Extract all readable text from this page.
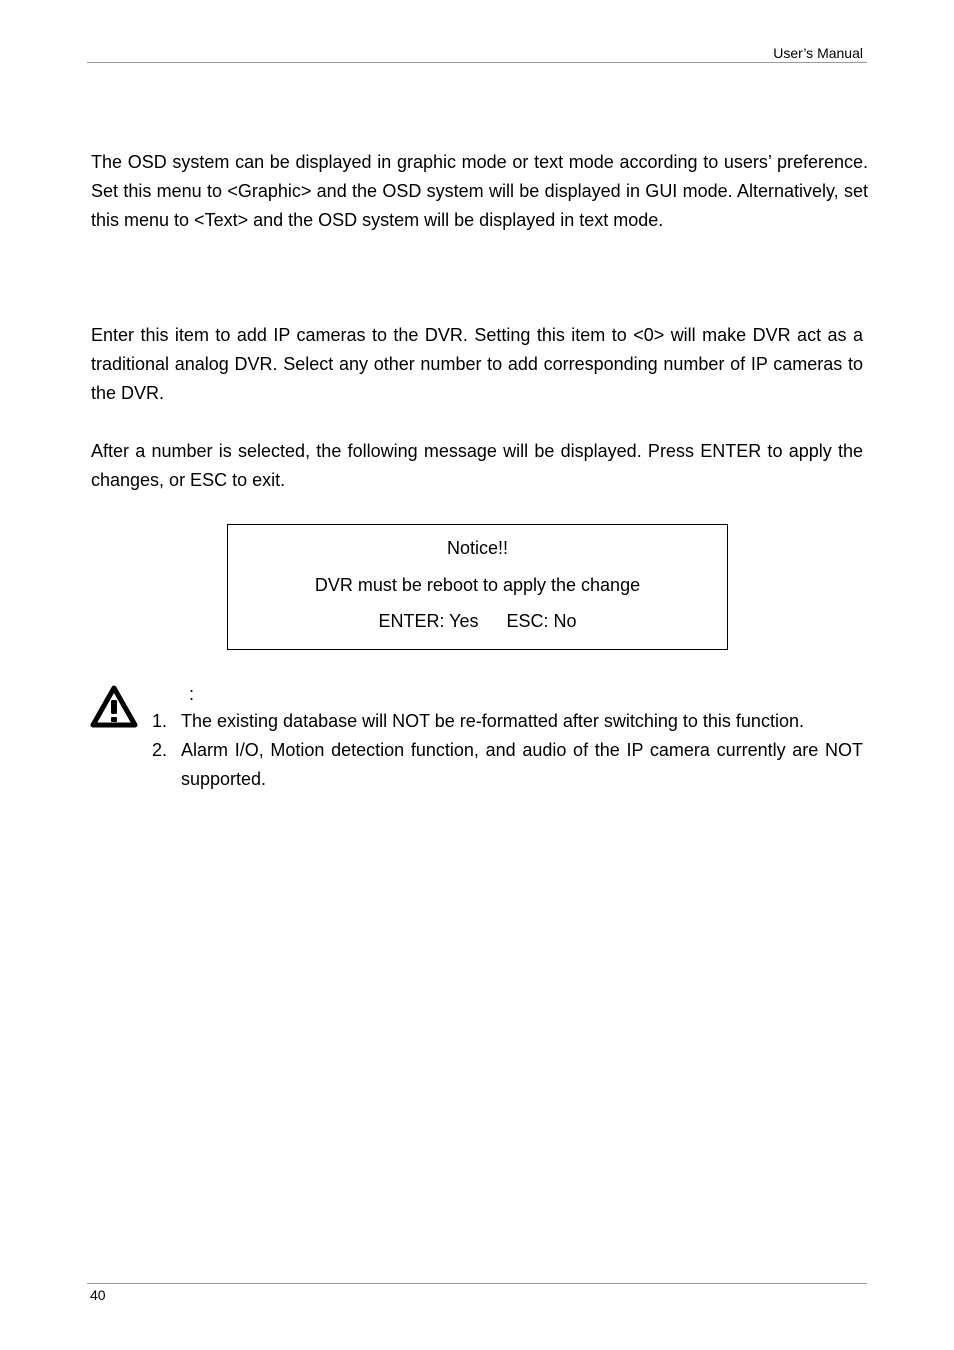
User’s Manual

The OSD system can be displayed in graphic mode or text mode according to users’ preference. Set this menu to <Graphic> and the OSD system will be displayed in GUI mode. Alternatively, set this menu to <Text> and the OSD system will be displayed in text mode.

Enter this item to add IP cameras to the DVR. Setting this item to <0> will make DVR act as a traditional analog DVR. Select any other number to add corresponding number of IP cameras to the DVR.

After a number is selected, the following message will be displayed. Press ENTER to apply the changes, or ESC to exit.

Notice!!
DVR must be reboot to apply the change
ENTER: Yes ESC: No
:
1. The existing database will NOT be re-formatted after switching to this function.
2. Alarm I/O, Motion detection function, and audio of the IP camera currently are NOT supported.
40
